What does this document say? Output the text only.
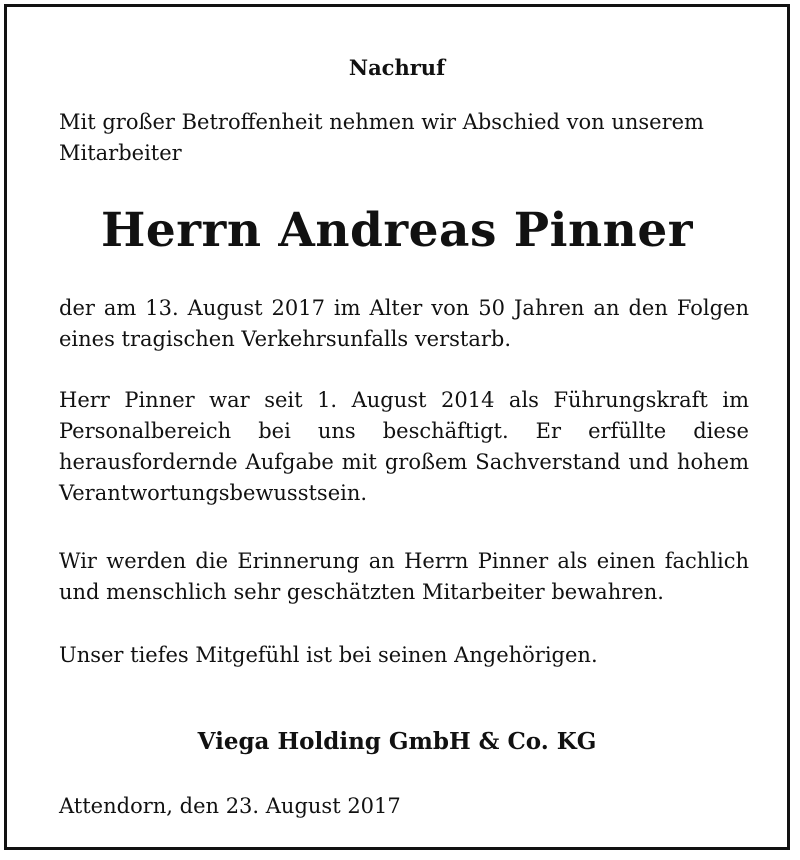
Nachruf

Mit großer Betroffenheit nehmen wir Abschied von unserem Mitarbeiter

Herrn Andreas Pinner

der am 13. August 2017 im Alter von 50 Jahren an den Folgen eines tragischen Verkehrsunfalls verstarb.

Herr Pinner war seit 1. August 2014 als Führungskraft im Personalbereich bei uns beschäftigt. Er erfüllte diese herausfordernde Aufgabe mit großem Sachverstand und hohem Verantwortungsbewusstsein.

Wir werden die Erinnerung an Herrn Pinner als einen fachlich und menschlich sehr geschätzten Mitarbeiter bewahren.

Unser tiefes Mitgefühl ist bei seinen Angehörigen.

Viega Holding GmbH & Co. KG
Attendorn, den 23. August 2017
